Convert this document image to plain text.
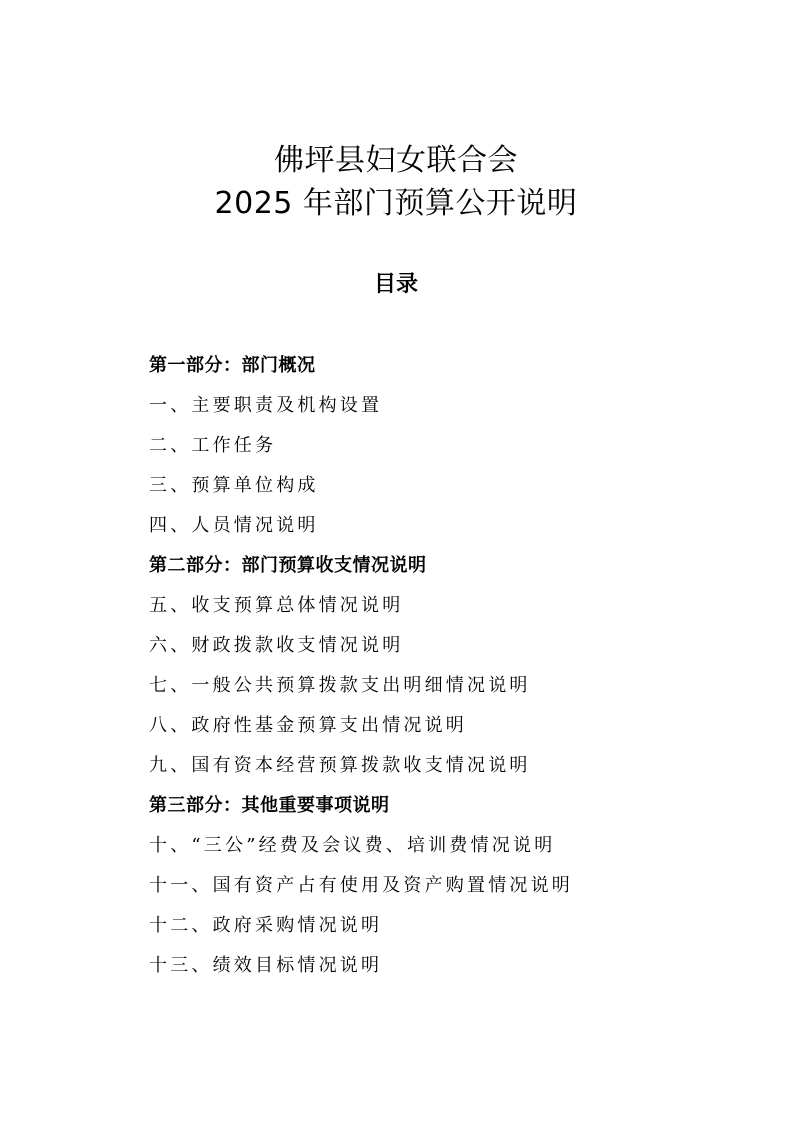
佛坪县妇女联合会
2025 年部门预算公开说明
目录
第一部分：部门概况
一、主要职责及机构设置
二、工作任务
三、预算单位构成
四、人员情况说明
第二部分：部门预算收支情况说明
五、收支预算总体情况说明
六、财政拨款收支情况说明
七、一般公共预算拨款支出明细情况说明
八、政府性基金预算支出情况说明
九、国有资本经营预算拨款收支情况说明
第三部分：其他重要事项说明
十、“三公”经费及会议费、培训费情况说明
十一、国有资产占有使用及资产购置情况说明
十二、政府采购情况说明
十三、绩效目标情况说明
